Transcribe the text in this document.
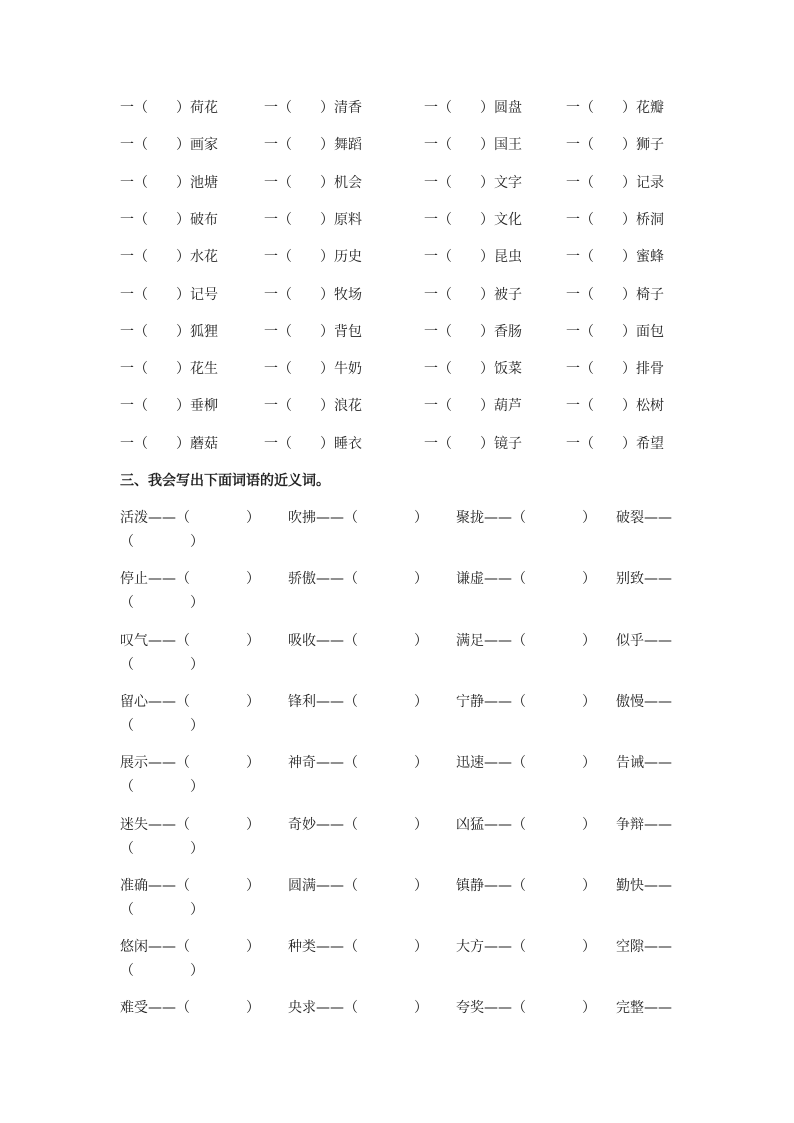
一（　　）荷花	一（　　）清香	一（　　）圆盘	一（　　）花瓣
一（　　）画家	一（　　）舞蹈	一（　　）国王	一（　　）狮子
一（　　）池塘	一（　　）机会	一（　　）文字	一（　　）记录
一（　　）破布	一（　　）原料	一（　　）文化	一（　　）桥洞
一（　　）水花	一（　　）历史	一（　　）昆虫	一（　　）蜜蜂
一（　　）记号	一（　　）牧场	一（　　）被子	一（　　）椅子
一（　　）狐狸	一（　　）背包	一（　　）香肠	一（　　）面包
一（　　）花生	一（　　）牛奶	一（　　）饭菜	一（　　）排骨
一（　　）垂柳	一（　　）浪花	一（　　）葫芦	一（　　）松树
一（　　）蘑菇	一（　　）睡衣	一（　　）镜子	一（　　）希望
三、我会写出下面词语的近义词。
活泼——（　　　　） 吹拂——（　　　　） 聚拢——（　　　　） 破裂——
（　　　　）
停止——（　　　　） 骄傲——（　　　　） 谦虚——（　　　　） 别致——
（　　　　）
叹气——（　　　　） 吸收——（　　　　） 满足——（　　　　） 似乎——
（　　　　）
留心——（　　　　） 锋利——（　　　　） 宁静——（　　　　） 傲慢——
（　　　　）
展示——（　　　　） 神奇——（　　　　） 迅速——（　　　　） 告诫——
（　　　　）
迷失——（　　　　） 奇妙——（　　　　） 凶猛——（　　　　） 争辩——
（　　　　）
准确——（　　　　） 圆满——（　　　　） 镇静——（　　　　） 勤快——
（　　　　）
悠闲——（　　　　） 种类——（　　　　） 大方——（　　　　） 空隙——
（　　　　）
难受——（　　　　） 央求——（　　　　） 夸奖——（　　　　） 完整——
